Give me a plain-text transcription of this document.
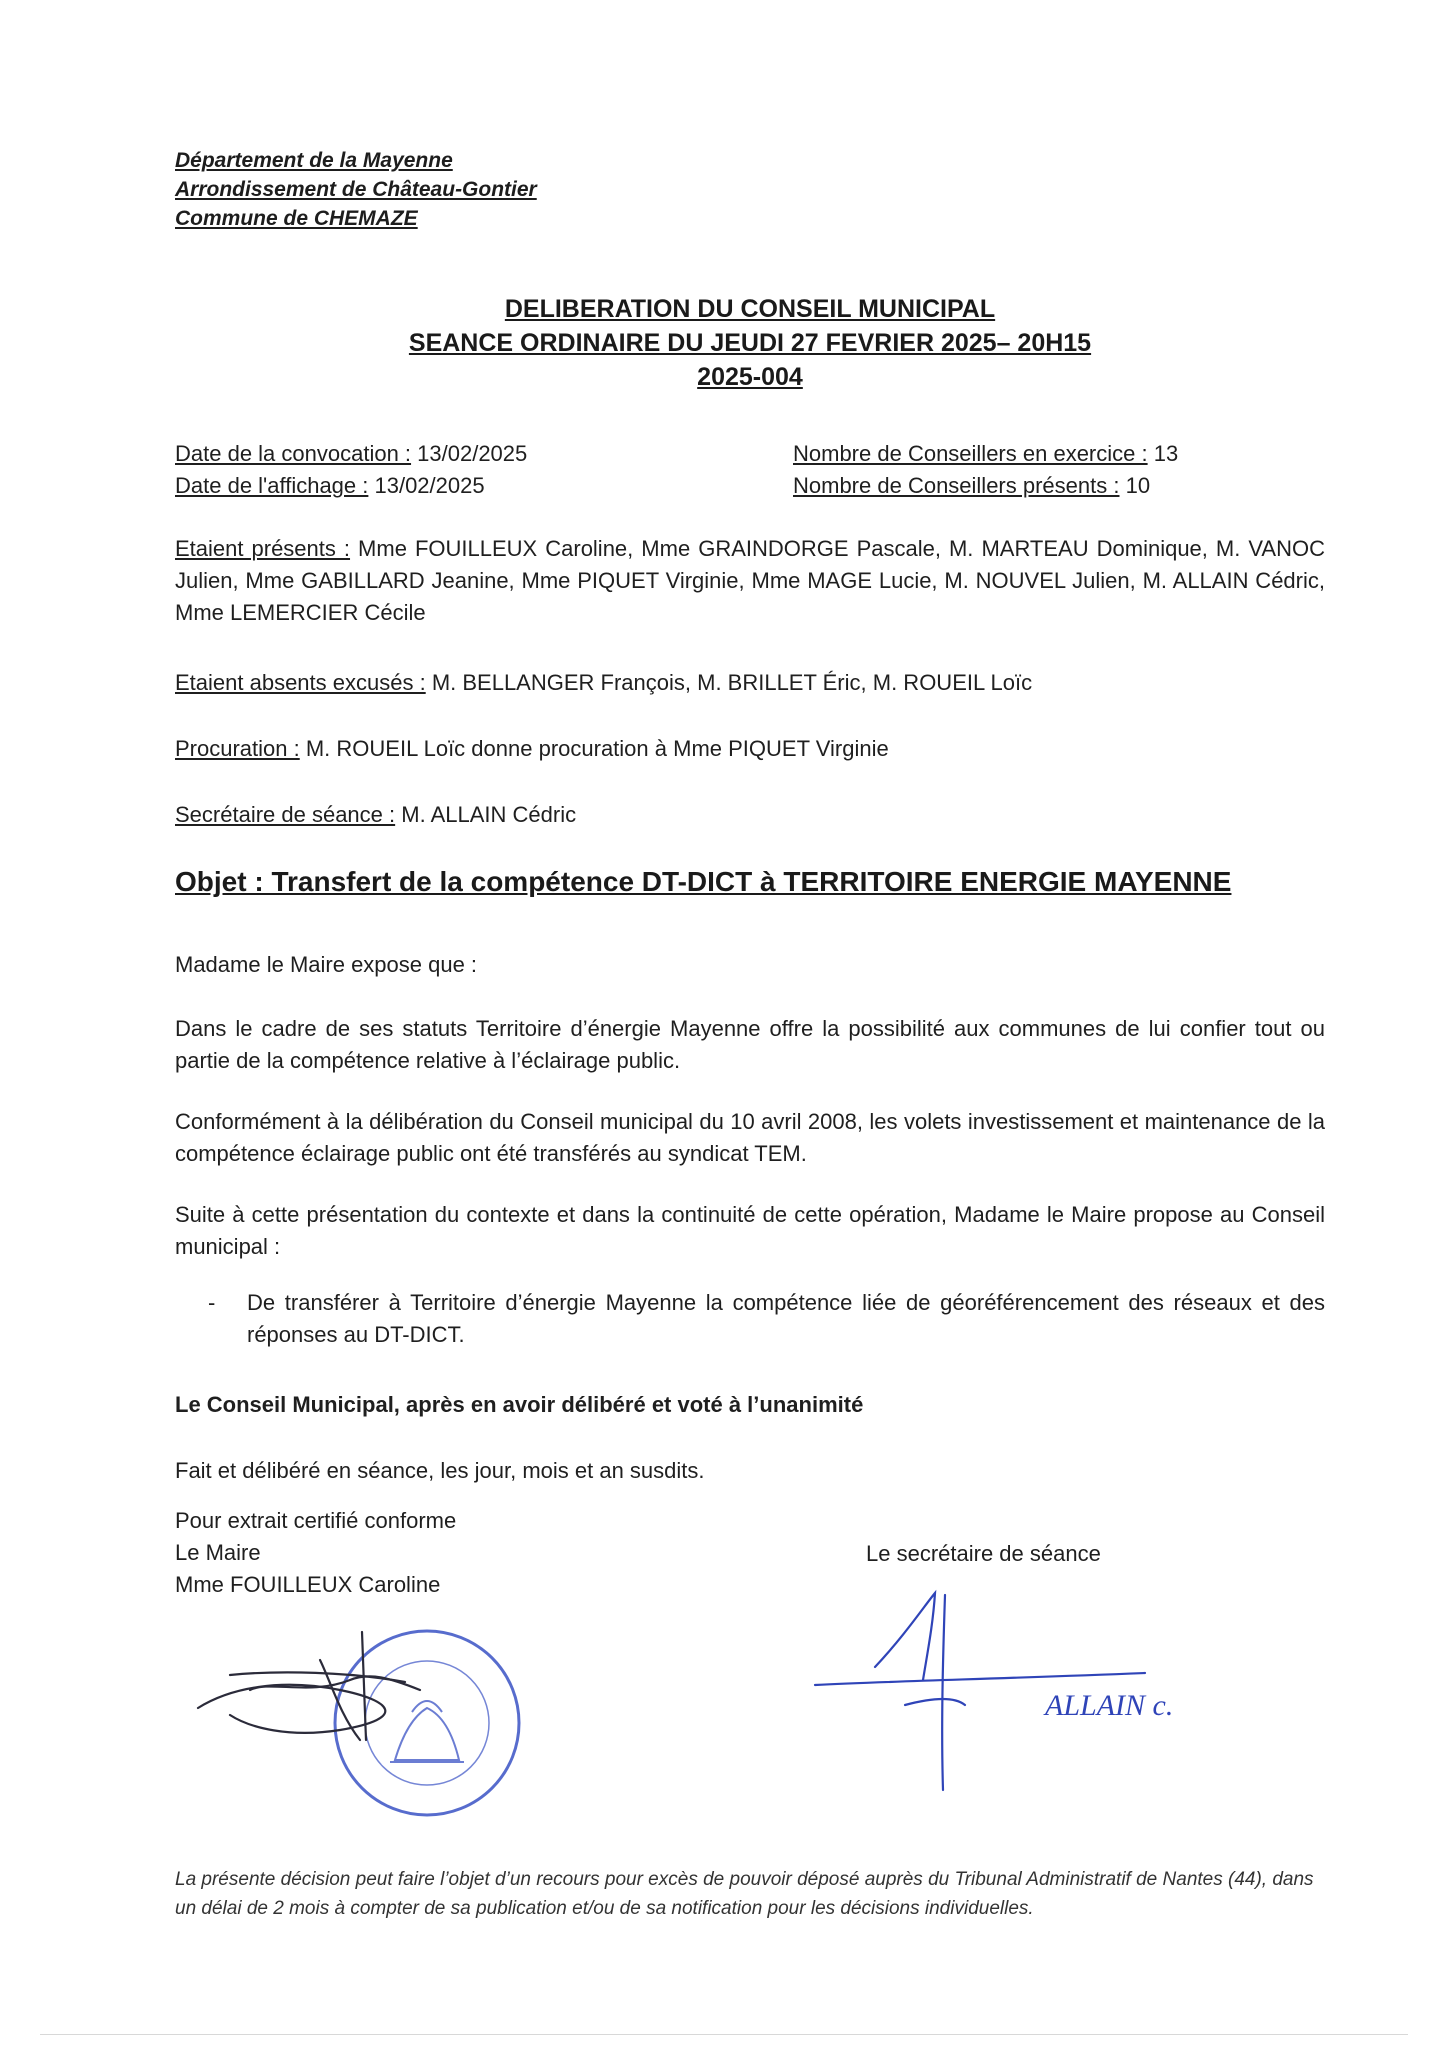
Département de la Mayenne
Arrondissement de Château-Gontier
Commune de CHEMAZE
DELIBERATION DU CONSEIL MUNICIPAL
SEANCE ORDINAIRE DU JEUDI 27 FEVRIER 2025– 20H15
2025-004
Date de la convocation : 13/02/2025	Nombre de Conseillers en exercice : 13
Date de l'affichage : 13/02/2025	Nombre de Conseillers présents : 10
Etaient présents : Mme FOUILLEUX Caroline, Mme GRAINDORGE Pascale, M. MARTEAU Dominique, M. VANOC Julien, Mme GABILLARD Jeanine, Mme PIQUET Virginie, Mme MAGE Lucie, M. NOUVEL Julien, M. ALLAIN Cédric, Mme LEMERCIER Cécile
Etaient absents excusés : M. BELLANGER François, M. BRILLET Éric, M. ROUEIL Loïc
Procuration : M. ROUEIL Loïc donne procuration à Mme PIQUET Virginie
Secrétaire de séance : M. ALLAIN Cédric
Objet : Transfert de la compétence DT-DICT à TERRITOIRE ENERGIE MAYENNE
Madame le Maire expose que :
Dans le cadre de ses statuts Territoire d’énergie Mayenne offre la possibilité aux communes de lui confier tout ou partie de la compétence relative à l’éclairage public.
Conformément à la délibération du Conseil municipal du 10 avril 2008, les volets investissement et maintenance de la compétence éclairage public ont été transférés au syndicat TEM.
Suite à cette présentation du contexte et dans la continuité de cette opération, Madame le Maire propose au Conseil municipal :
- De transférer à Territoire d’énergie Mayenne la compétence liée de géoréférencement des réseaux et des réponses au DT-DICT.
Le Conseil Municipal, après en avoir délibéré et voté à l’unanimité
Fait et délibéré en séance, les jour, mois et an susdits.
Pour extrait certifié conforme
Le Maire
Mme FOUILLEUX Caroline
Le secrétaire de séance
ALLAIN c.
La présente décision peut faire l’objet d’un recours pour excès de pouvoir déposé auprès du Tribunal Administratif de Nantes (44), dans un délai de 2 mois à compter de sa publication et/ou de sa notification pour les décisions individuelles.
